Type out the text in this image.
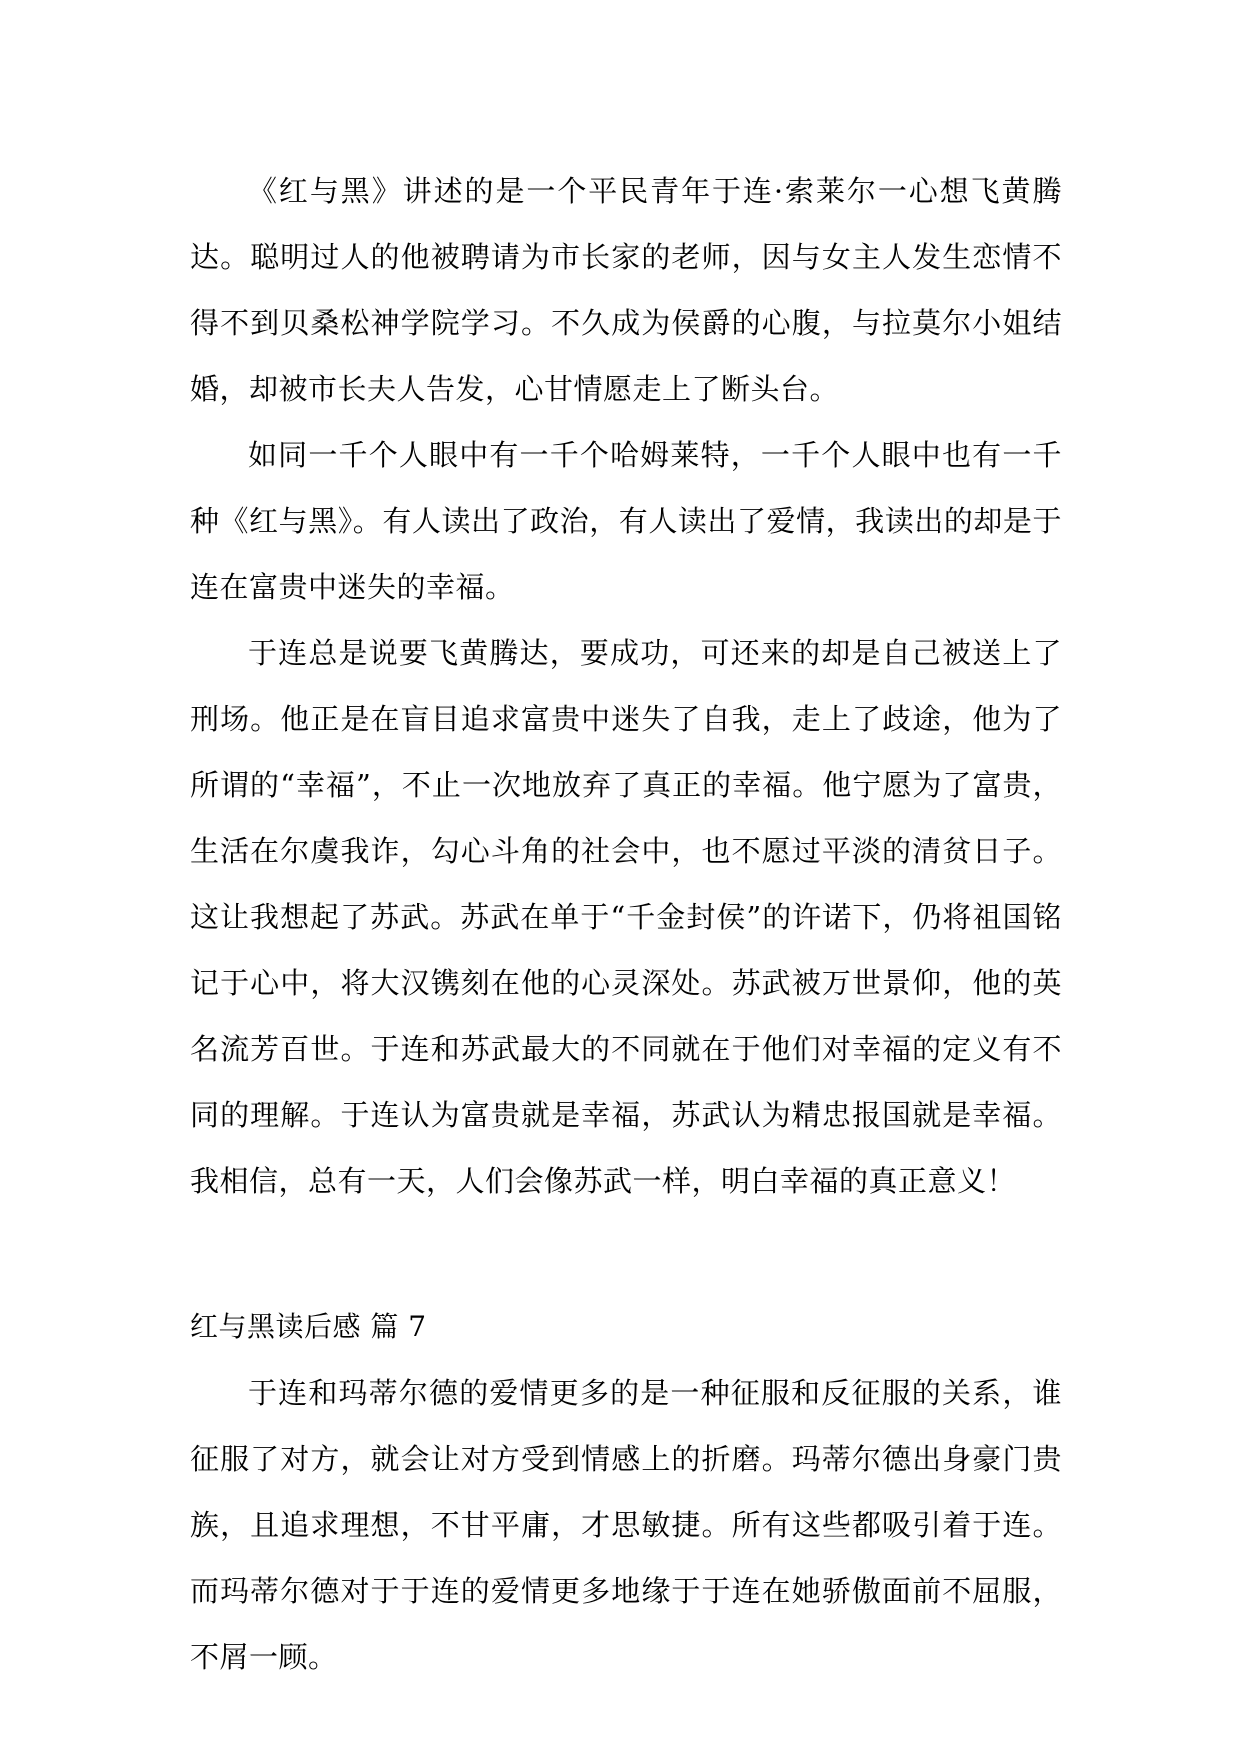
《红与黑》讲述的是一个平民青年于连·索莱尔一心想飞黄腾达。聪明过人的他被聘请为市长家的老师，因与女主人发生恋情不得不到贝桑松神学院学习。不久成为侯爵的心腹，与拉莫尔小姐结婚，却被市长夫人告发，心甘情愿走上了断头台。

如同一千个人眼中有一千个哈姆莱特，一千个人眼中也有一千种《红与黑》。有人读出了政治，有人读出了爱情，我读出的却是于连在富贵中迷失的幸福。

于连总是说要飞黄腾达，要成功，可还来的却是自己被送上了刑场。他正是在盲目追求富贵中迷失了自我，走上了歧途，他为了所谓的“幸福”，不止一次地放弃了真正的幸福。他宁愿为了富贵，生活在尔虞我诈，勾心斗角的社会中，也不愿过平淡的清贫日子。这让我想起了苏武。苏武在单于“千金封侯”的许诺下，仍将祖国铭记于心中，将大汉镌刻在他的心灵深处。苏武被万世景仰，他的英名流芳百世。于连和苏武最大的不同就在于他们对幸福的定义有不同的理解。于连认为富贵就是幸福，苏武认为精忠报国就是幸福。我相信，总有一天，人们会像苏武一样，明白幸福的真正意义！

红与黑读后感 篇 7

于连和玛蒂尔德的爱情更多的是一种征服和反征服的关系，谁征服了对方，就会让对方受到情感上的折磨。玛蒂尔德出身豪门贵族，且追求理想，不甘平庸，才思敏捷。所有这些都吸引着于连。而玛蒂尔德对于于连的爱情更多地缘于于连在她骄傲面前不屈服，不屑一顾。
